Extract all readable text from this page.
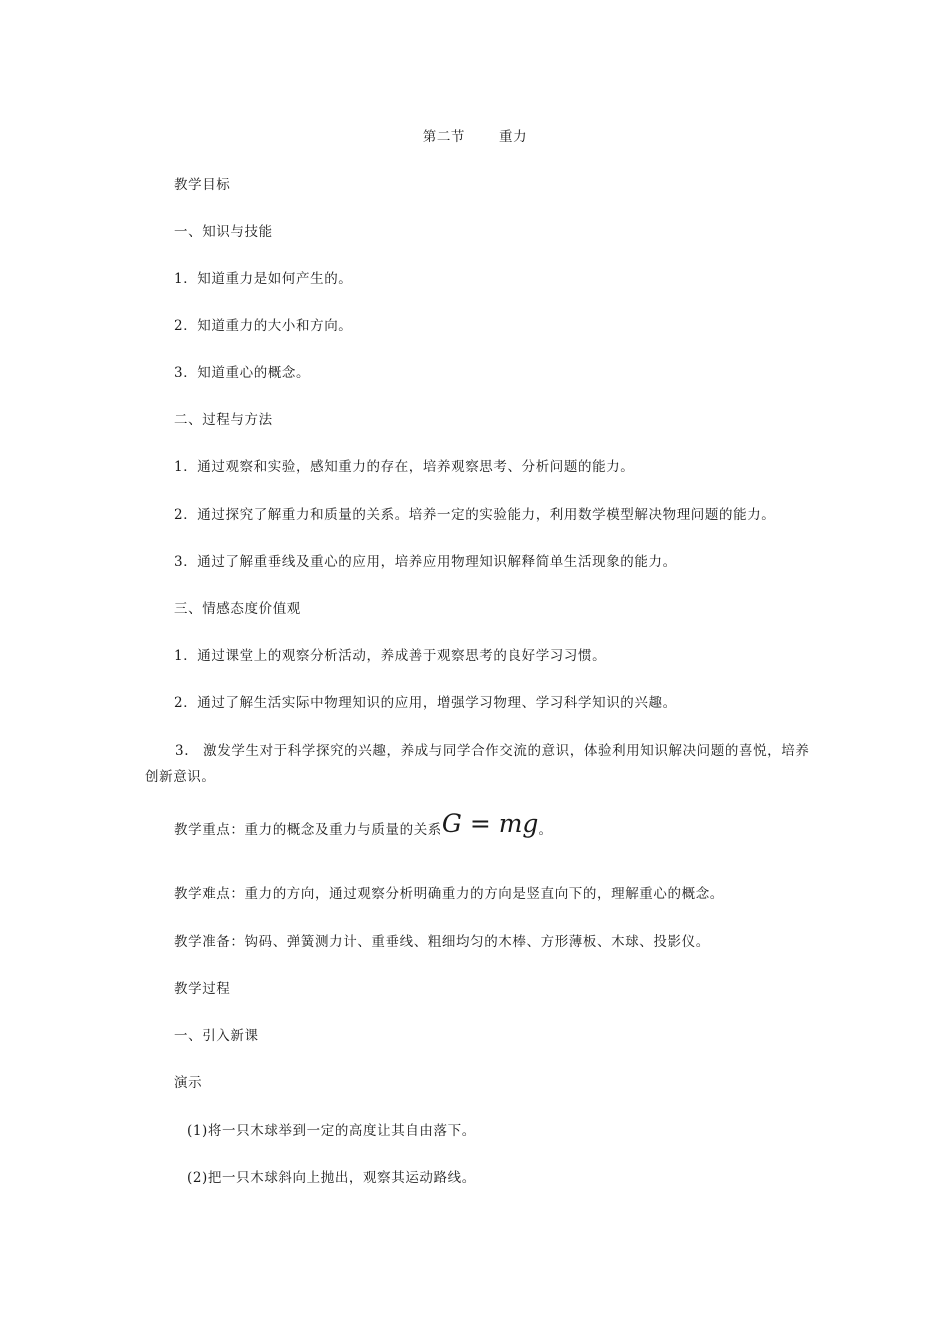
第二节	重力
教学目标
一、知识与技能
1．知道重力是如何产生的。
2．知道重力的大小和方向。
3．知道重心的概念。
二、过程与方法
1．通过观察和实验，感知重力的存在，培养观察思考、分析问题的能力。
2．通过探究了解重力和质量的关系。培养一定的实验能力，利用数学模型解决物理问题的能力。
3．通过了解重垂线及重心的应用，培养应用物理知识解释简单生活现象的能力。
三、情感态度价值观
1．通过课堂上的观察分析活动，养成善于观察思考的良好学习习惯。
2．通过了解生活实际中物理知识的应用，增强学习物理、学习科学知识的兴趣。
3.　激发学生对于科学探究的兴趣，养成与同学合作交流的意识，体验利用知识解决问题的喜悦，培养创新意识。
教学重点：重力的概念及重力与质量的关系G = mg。
教学难点：重力的方向，通过观察分析明确重力的方向是竖直向下的，理解重心的概念。
教学准备：钩码、弹簧测力计、重垂线、粗细均匀的木棒、方形薄板、木球、投影仪。
教学过程
一、引入新课
演示
(1)将一只木球举到一定的高度让其自由落下。
(2)把一只木球斜向上抛出，观察其运动路线。
